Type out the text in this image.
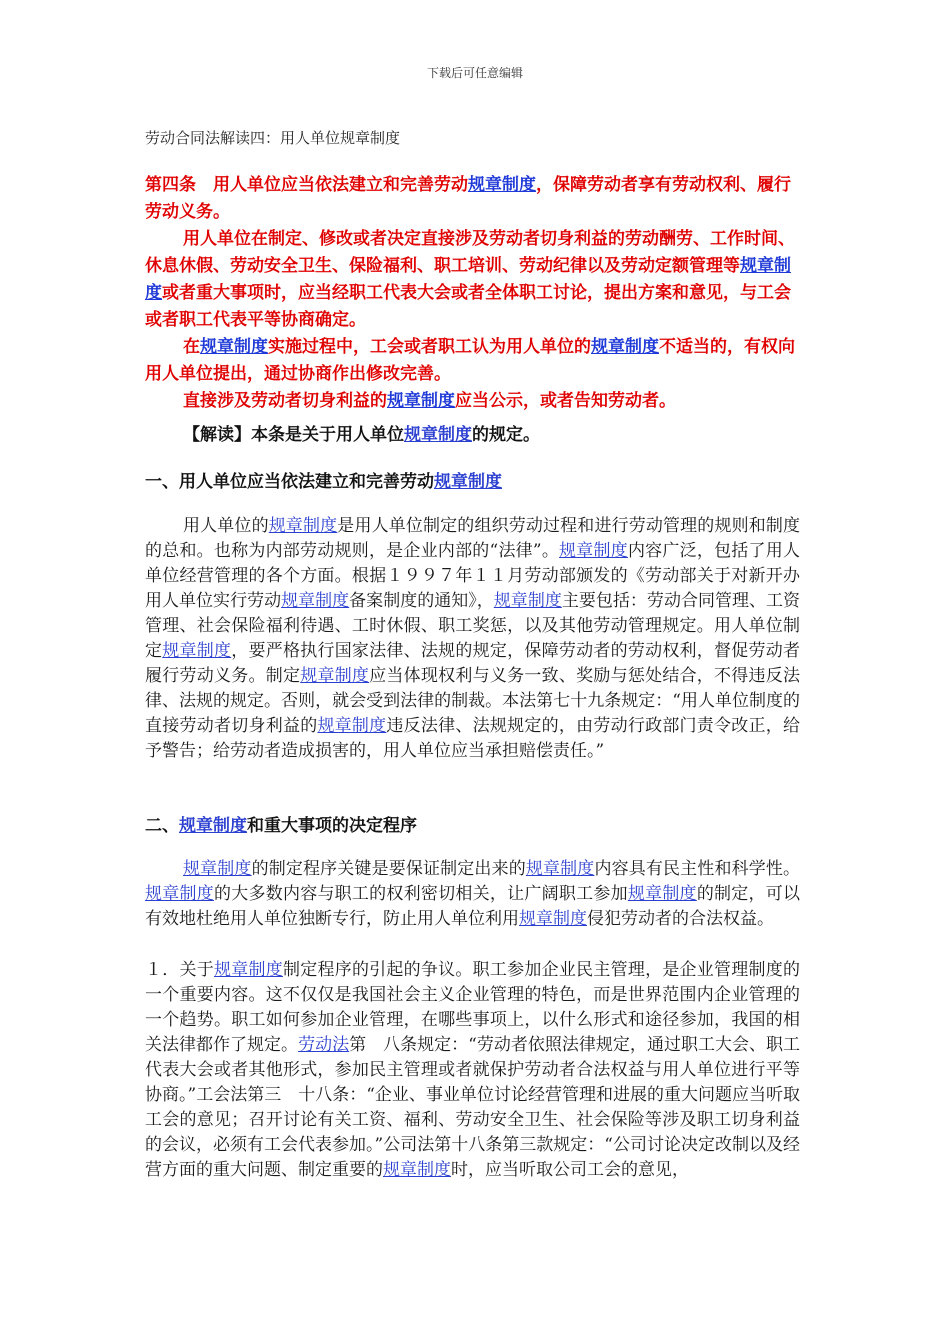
下载后可任意编辑
劳动合同法解读四：用人单位规章制度

第四条　用人单位应当依法建立和完善劳动规章制度，保障劳动者享有劳动权利、履行劳动义务。

用人单位在制定、修改或者决定直接涉及劳动者切身利益的劳动酬劳、工作时间、休息休假、劳动安全卫生、保险福利、职工培训、劳动纪律以及劳动定额管理等规章制度或者重大事项时，应当经职工代表大会或者全体职工讨论，提出方案和意见，与工会或者职工代表平等协商确定。

在规章制度实施过程中，工会或者职工认为用人单位的规章制度不适当的，有权向用人单位提出，通过协商作出修改完善。

直接涉及劳动者切身利益的规章制度应当公示，或者告知劳动者。

【解读】本条是关于用人单位规章制度的规定。
一、用人单位应当依法建立和完善劳动规章制度

用人单位的规章制度是用人单位制定的组织劳动过程和进行劳动管理的规则和制度的总和。也称为内部劳动规则，是企业内部的“法律”。规章制度内容广泛，包括了用人单位经营管理的各个方面。根据１９９７年１１月劳动部颁发的《劳动部关于对新开办用人单位实行劳动规章制度备案制度的通知》，规章制度主要包括：劳动合同管理、工资管理、社会保险福利待遇、工时休假、职工奖惩，以及其他劳动管理规定。用人单位制定规章制度，要严格执行国家法律、法规的规定，保障劳动者的劳动权利，督促劳动者履行劳动义务。制定规章制度应当体现权利与义务一致、奖励与惩处结合，不得违反法律、法规的规定。否则，就会受到法律的制裁。本法第七十九条规定：“用人单位制度的直接劳动者切身利益的规章制度违反法律、法规规定的，由劳动行政部门责令改正，给予警告；给劳动者造成损害的，用人单位应当承担赔偿责任。”

二、规章制度和重大事项的决定程序

规章制度的制定程序关键是要保证制定出来的规章制度内容具有民主性和科学性。规章制度的大多数内容与职工的权利密切相关，让广阔职工参加规章制度的制定，可以有效地杜绝用人单位独断专行，防止用人单位利用规章制度侵犯劳动者的合法权益。

１．关于规章制度制定程序的引起的争议。职工参加企业民主管理，是企业管理制度的一个重要内容。这不仅仅是我国社会主义企业管理的特色，而是世界范围内企业管理的一个趋势。职工如何参加企业管理，在哪些事项上，以什么形式和途径参加，我国的相关法律都作了规定。劳动法第　八条规定：“劳动者依照法律规定，通过职工大会、职工代表大会或者其他形式，参加民主管理或者就保护劳动者合法权益与用人单位进行平等协商。”工会法第三　十八条：“企业、事业单位讨论经营管理和进展的重大问题应当听取工会的意见；召开讨论有关工资、福利、劳动安全卫生、社会保险等涉及职工切身利益的会议，必须有工会代表参加。”公司法第十八条第三款规定：“公司讨论决定改制以及经营方面的重大问题、制定重要的规章制度时，应当听取公司工会的意见，
